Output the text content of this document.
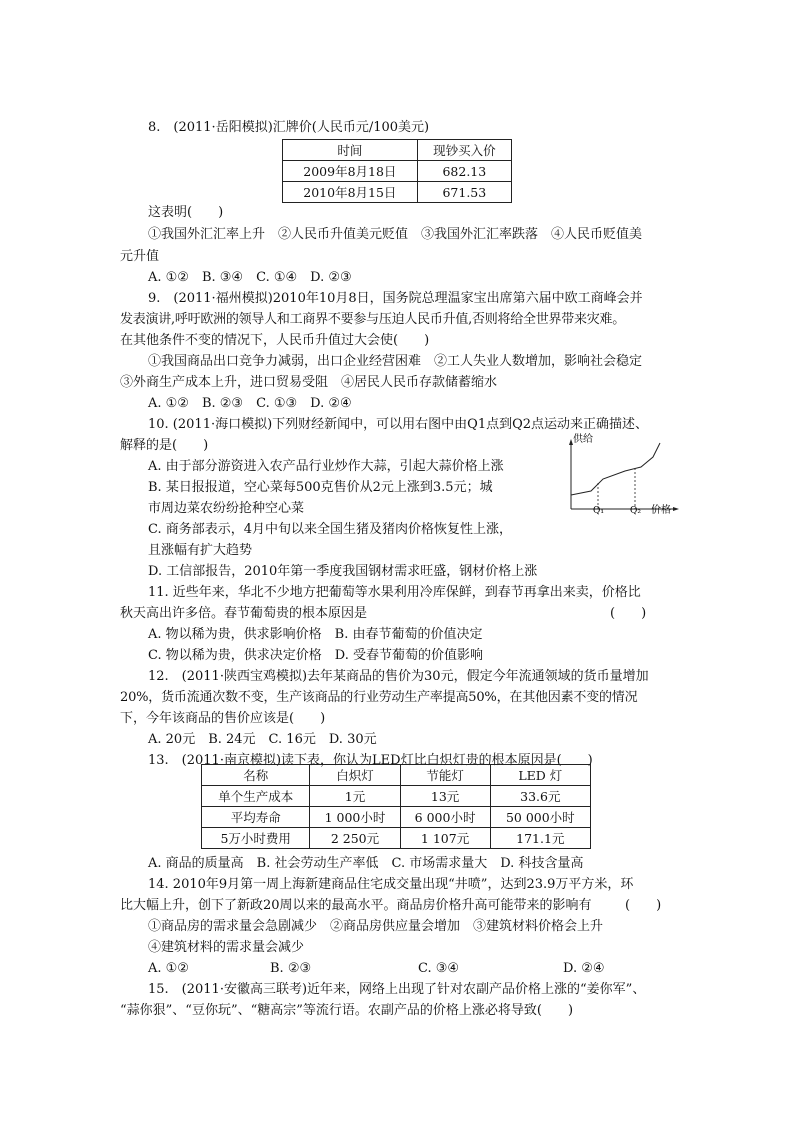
8.　(2011·岳阳模拟)汇牌价(人民币元/100美元)
时间	现钞买入价
2009年8月18日	682.13
2010年8月15日	671.53
这表明(　　)
①我国外汇汇率上升　②人民币升值美元贬值　③我国外汇汇率跌落　④人民币贬值美
元升值
A. ①②　B. ③④　C. ①④　D. ②③
9.　(2011·福州模拟)2010年10月8日，国务院总理温家宝出席第六届中欧工商峰会并
发表演讲,呼吁欧洲的领导人和工商界不要参与压迫人民币升值,否则将给全世界带来灾难。
在其他条件不变的情况下，人民币升值过大会使(　　)
①我国商品出口竞争力减弱，出口企业经营困难　②工人失业人数增加，影响社会稳定
③外商生产成本上升，进口贸易受阻　④居民人民币存款储蓄缩水
A. ①②　B. ②③　C. ①③　D. ②④
10. (2011·海口模拟)下列财经新闻中，可以用右图中由Q1点到Q2点运动来正确描述、
解释的是(　　)
A. 由于部分游资进入农产品行业炒作大蒜，引起大蒜价格上涨
B. 某日报报道，空心菜每500克售价从2元上涨到3.5元；城
市周边菜农纷纷抢种空心菜
C. 商务部表示，4月中旬以来全国生猪及猪肉价格恢复性上涨，
且涨幅有扩大趋势
D. 工信部报告，2010年第一季度我国钢材需求旺盛，钢材价格上涨
供给
价格
Q₁	Q₂
11. 近些年来，华北不少地方把葡萄等水果利用冷库保鲜，到春节再拿出来卖，价格比
秋天高出许多倍。春节葡萄贵的根本原因是	(　　)
A. 物以稀为贵，供求影响价格　B. 由春节葡萄的价值决定
C. 物以稀为贵，供求决定价格　D. 受春节葡萄的价值影响
12.　(2011·陕西宝鸡模拟)去年某商品的售价为30元，假定今年流通领域的货币量增加
20%，货币流通次数不变，生产该商品的行业劳动生产率提高50%，在其他因素不变的情况
下，今年该商品的售价应该是(　　)
A. 20元　B. 24元　C. 16元　D. 30元
13.　(2011·南京模拟)读下表，你认为LED灯比白炽灯贵的根本原因是(　　)
名称	白炽灯	节能灯	LED 灯
单个生产成本	1元	13元	33.6元
平均寿命	1 000小时	6 000小时	50 000小时
5万小时费用	2 250元	1 107元	171.1元
A. 商品的质量高　B. 社会劳动生产率低　C. 市场需求量大　D. 科技含量高
14. 2010年9月第一周上海新建商品住宅成交量出现“井喷”，达到23.9万平方米，环
比大幅上升，创下了新政20周以来的最高水平。商品房价格升高可能带来的影响有	(　　)
①商品房的需求量会急剧减少　②商品房供应量会增加　③建筑材料价格会上升
④建筑材料的需求量会减少
A. ①②	B. ②③	C. ③④	D. ②④
15.　(2011·安徽高三联考)近年来，网络上出现了针对农副产品价格上涨的“姜你军”、
“蒜你狠”、“豆你玩”、“糖高宗”等流行语。农副产品的价格上涨必将导致(　　)
